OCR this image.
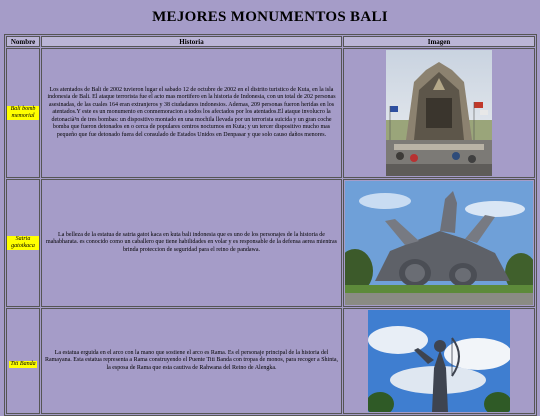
MEJORES MONUMENTOS BALI
Nombre	Historia	Imagen
Bali bomb memorial	Los atentados de Bali de 2002 tuvieron lugar el sabado 12 de octubre de 2002 en el distrito turistico de Kuta, en la isla indonesia de Bali. El ataque terrorista fue el acto mas mortifero en la historia de Indonesia, con un total de 202 personas asesinadas, de las cuales 164 eran extranjeros y 38 ciudadanos indonesios. Ademas, 209 personas fueron heridas en los atentados.Y este es un monumento en conmemoracion a todos los afectados por los atentados.El ataque involucro la detonacià³n de tres bombas: un dispositivo montado en una mochila llevada por un terrorista suicida y un gran coche bomba que fueron detonados en o cerca de populares centros nocturnos en Kuta; y un tercer dispositivo mucho mas pequeño que fue detonado fuera del consulado de Estados Unidos en Denpasar y que solo causo daños menores.	

Satria gatotkaca	La belleza de la estatua de satria gatot kaca en kuta bali indonesia que es uno de los personajes de la historia de mahabharata. es conocido como un caballero que tiene habilidades en volar y es responsable de la defensa aerea mientras brinda proteccion de seguridad para el reino de pandawa.	

Titi Banda	La estatua erguida en el arco con la mano que sostiene el arco es Rama. Es el personaje principal de la historia del Ramayana. Esta estatua representa a Rama construyendo el Puente Titi Banda con tropas de monos, para recoger a Shinta, la esposa de Rama que esta cautiva de Rahwana del Reino de Alengka.	
